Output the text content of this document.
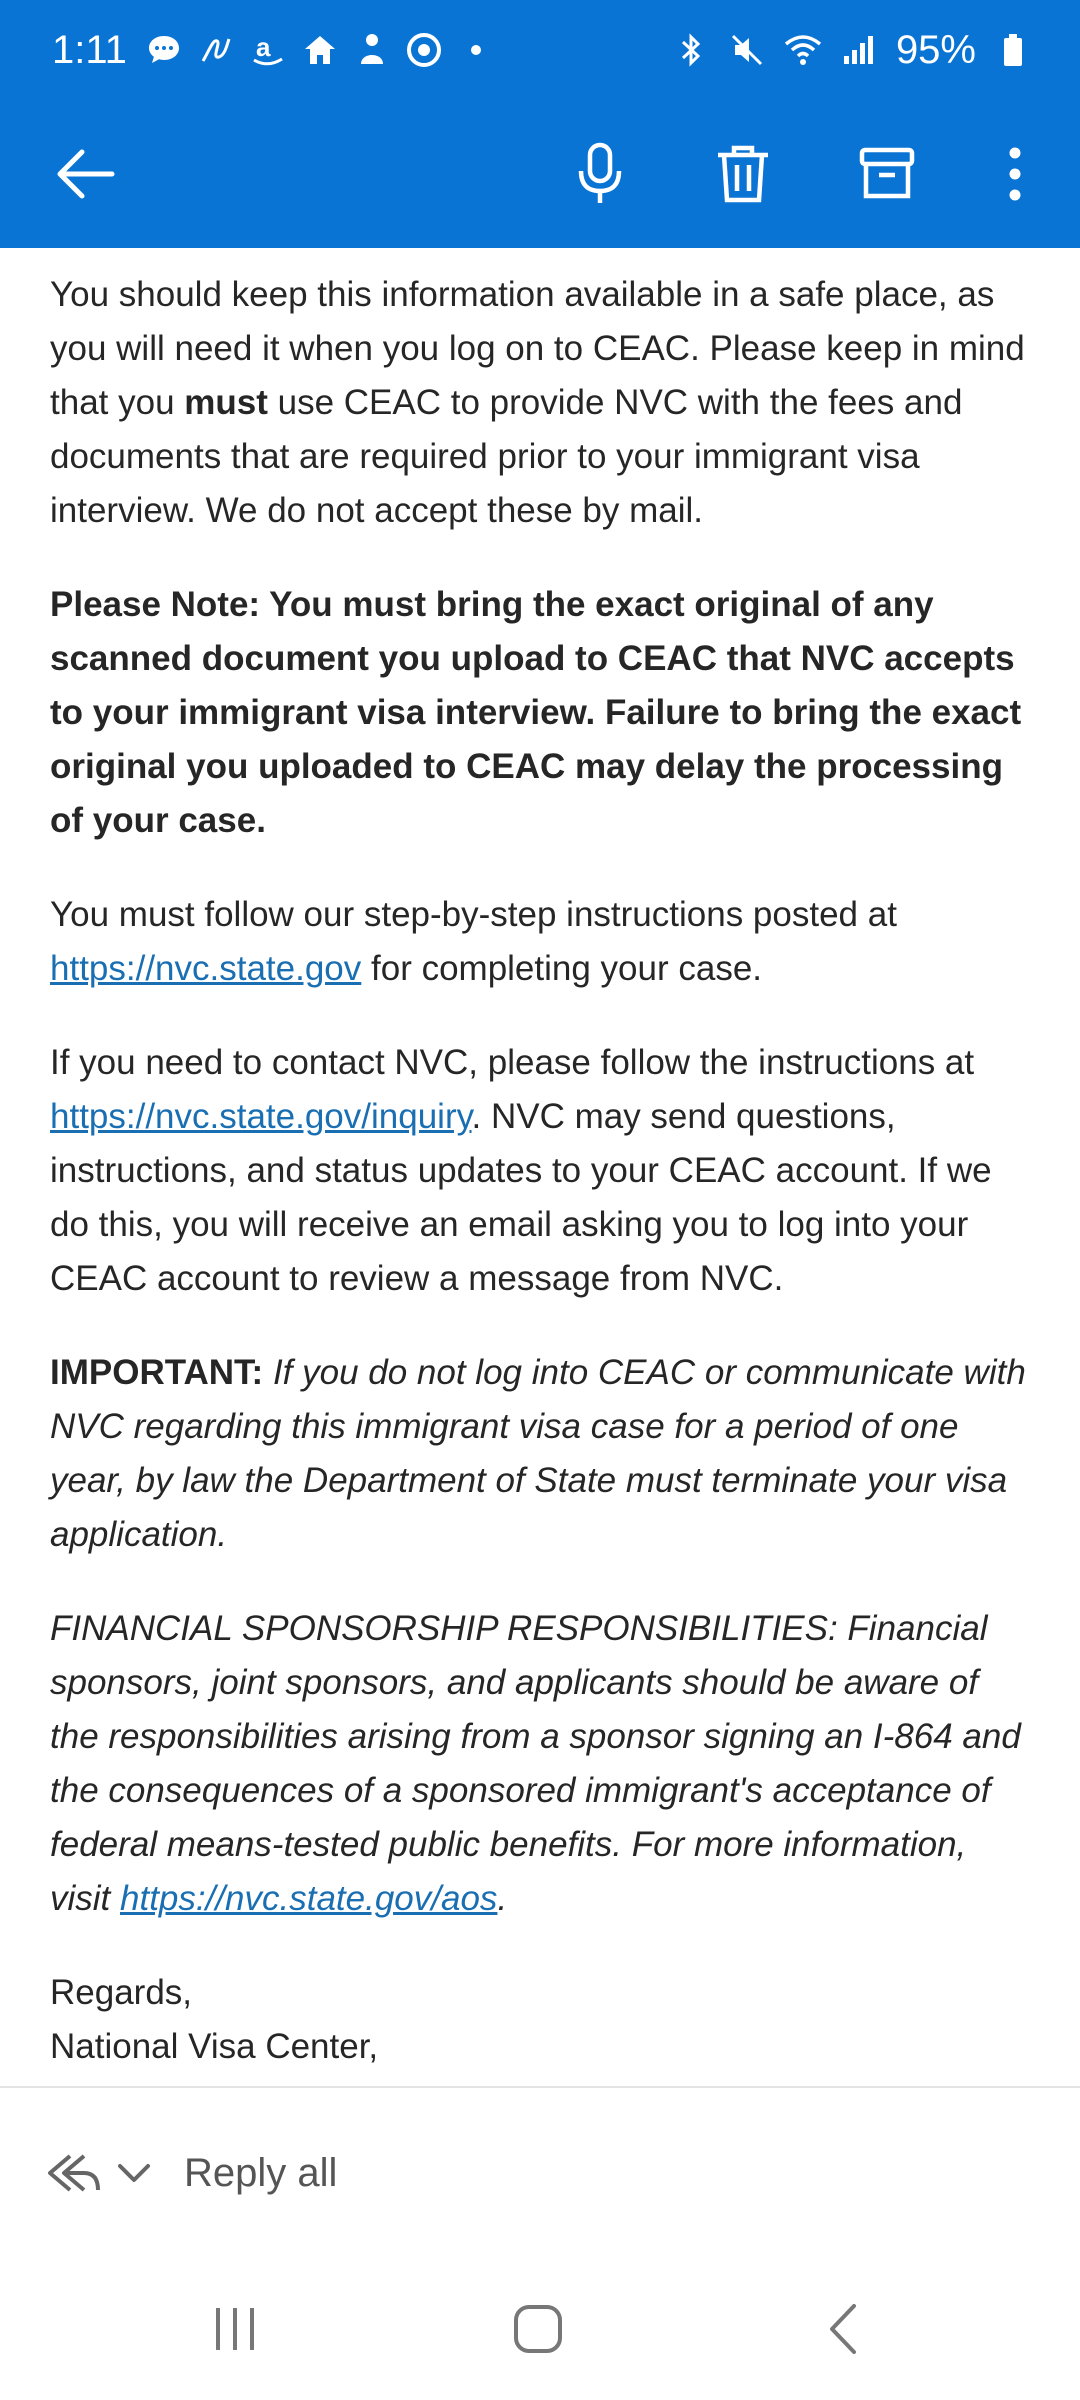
1:11	a	95%

You should keep this information available in a safe place, as you will need it when you log on to CEAC. Please keep in mind that you must use CEAC to provide NVC with the fees and documents that are required prior to your immigrant visa interview. We do not accept these by mail.

Please Note: You must bring the exact original of any scanned document you upload to CEAC that NVC accepts to your immigrant visa interview. Failure to bring the exact original you uploaded to CEAC may delay the processing of your case.

You must follow our step-by-step instructions posted at https://nvc.state.gov for completing your case.

If you need to contact NVC, please follow the instructions at https://nvc.state.gov/inquiry. NVC may send questions, instructions, and status updates to your CEAC account. If we do this, you will receive an email asking you to log into your CEAC account to review a message from NVC.

IMPORTANT: If you do not log into CEAC or communicate with NVC regarding this immigrant visa case for a period of one year, by law the Department of State must terminate your visa application.

FINANCIAL SPONSORSHIP RESPONSIBILITIES: Financial sponsors, joint sponsors, and applicants should be aware of the responsibilities arising from a sponsor signing an I-864 and the consequences of a sponsored immigrant's acceptance of federal means-tested public benefits. For more information, visit https://nvc.state.gov/aos.

Regards,
National Visa Center,
Reply all
